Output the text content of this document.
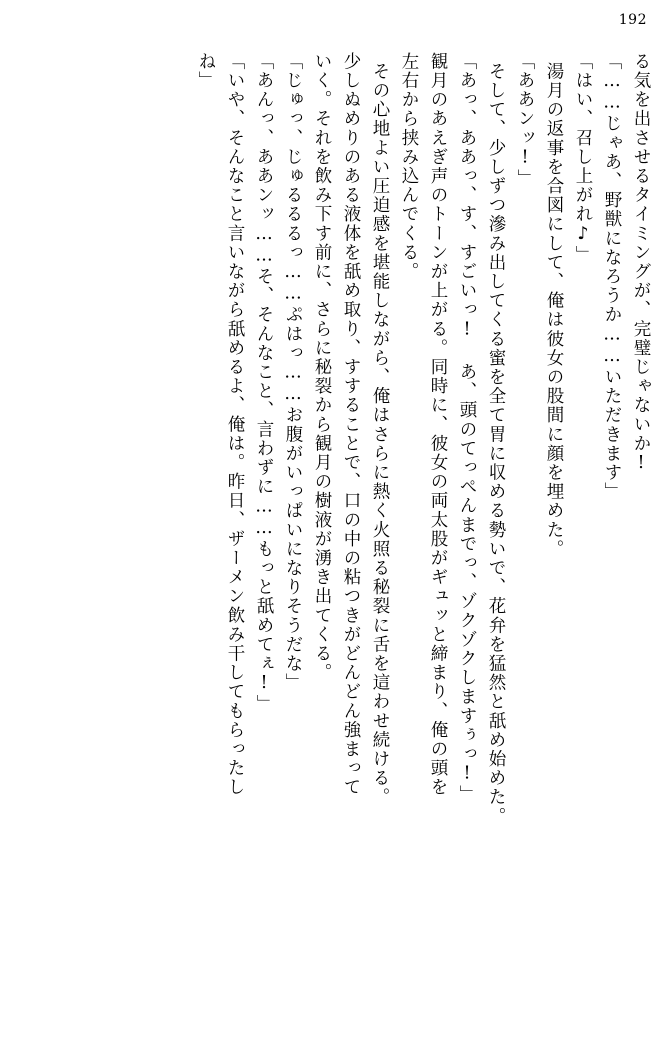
192
る気を出させるタイミングが、完璧じゃないか!
「……じゃあ、野獣になろうか……いただきます」
「はい、召し上がれ♪」
湯月の返事を合図にして、俺は彼女の股間に顔を埋めた。
「ああンッ!」
そして、少しずつ滲み出してくる蜜を全て胃に収める勢いで、花弁を猛然と舐め始めた。
「あっ、ああっ、す、すごいっ! あ、頭のてっぺんまでっ、ゾクゾクしますぅっ!」
観月のあえぎ声のトーンが上がる。同時に、彼女の両太股がギュッと締まり、俺の頭を
左右から挟み込んでくる。
その心地よい圧迫感を堪能しながら、俺はさらに熱く火照る秘裂に舌を這わせ続ける。
少しぬめりのある液体を舐め取り、すすることで、口の中の粘つきがどんどん強まって
いく。それを飲み下す前に、さらに秘裂から観月の樹液が湧き出てくる。
「じゅっ、じゅるるるっ……ぷはっ……お腹がいっぱいになりそうだな」
「あんっ、ああンッ……そ、そんなこと、言わずに……もっと舐めてぇ!」
「いや、そんなこと言いながら舐めるよ、俺は。昨日、ザーメン飲み干してもらったし
ね」
